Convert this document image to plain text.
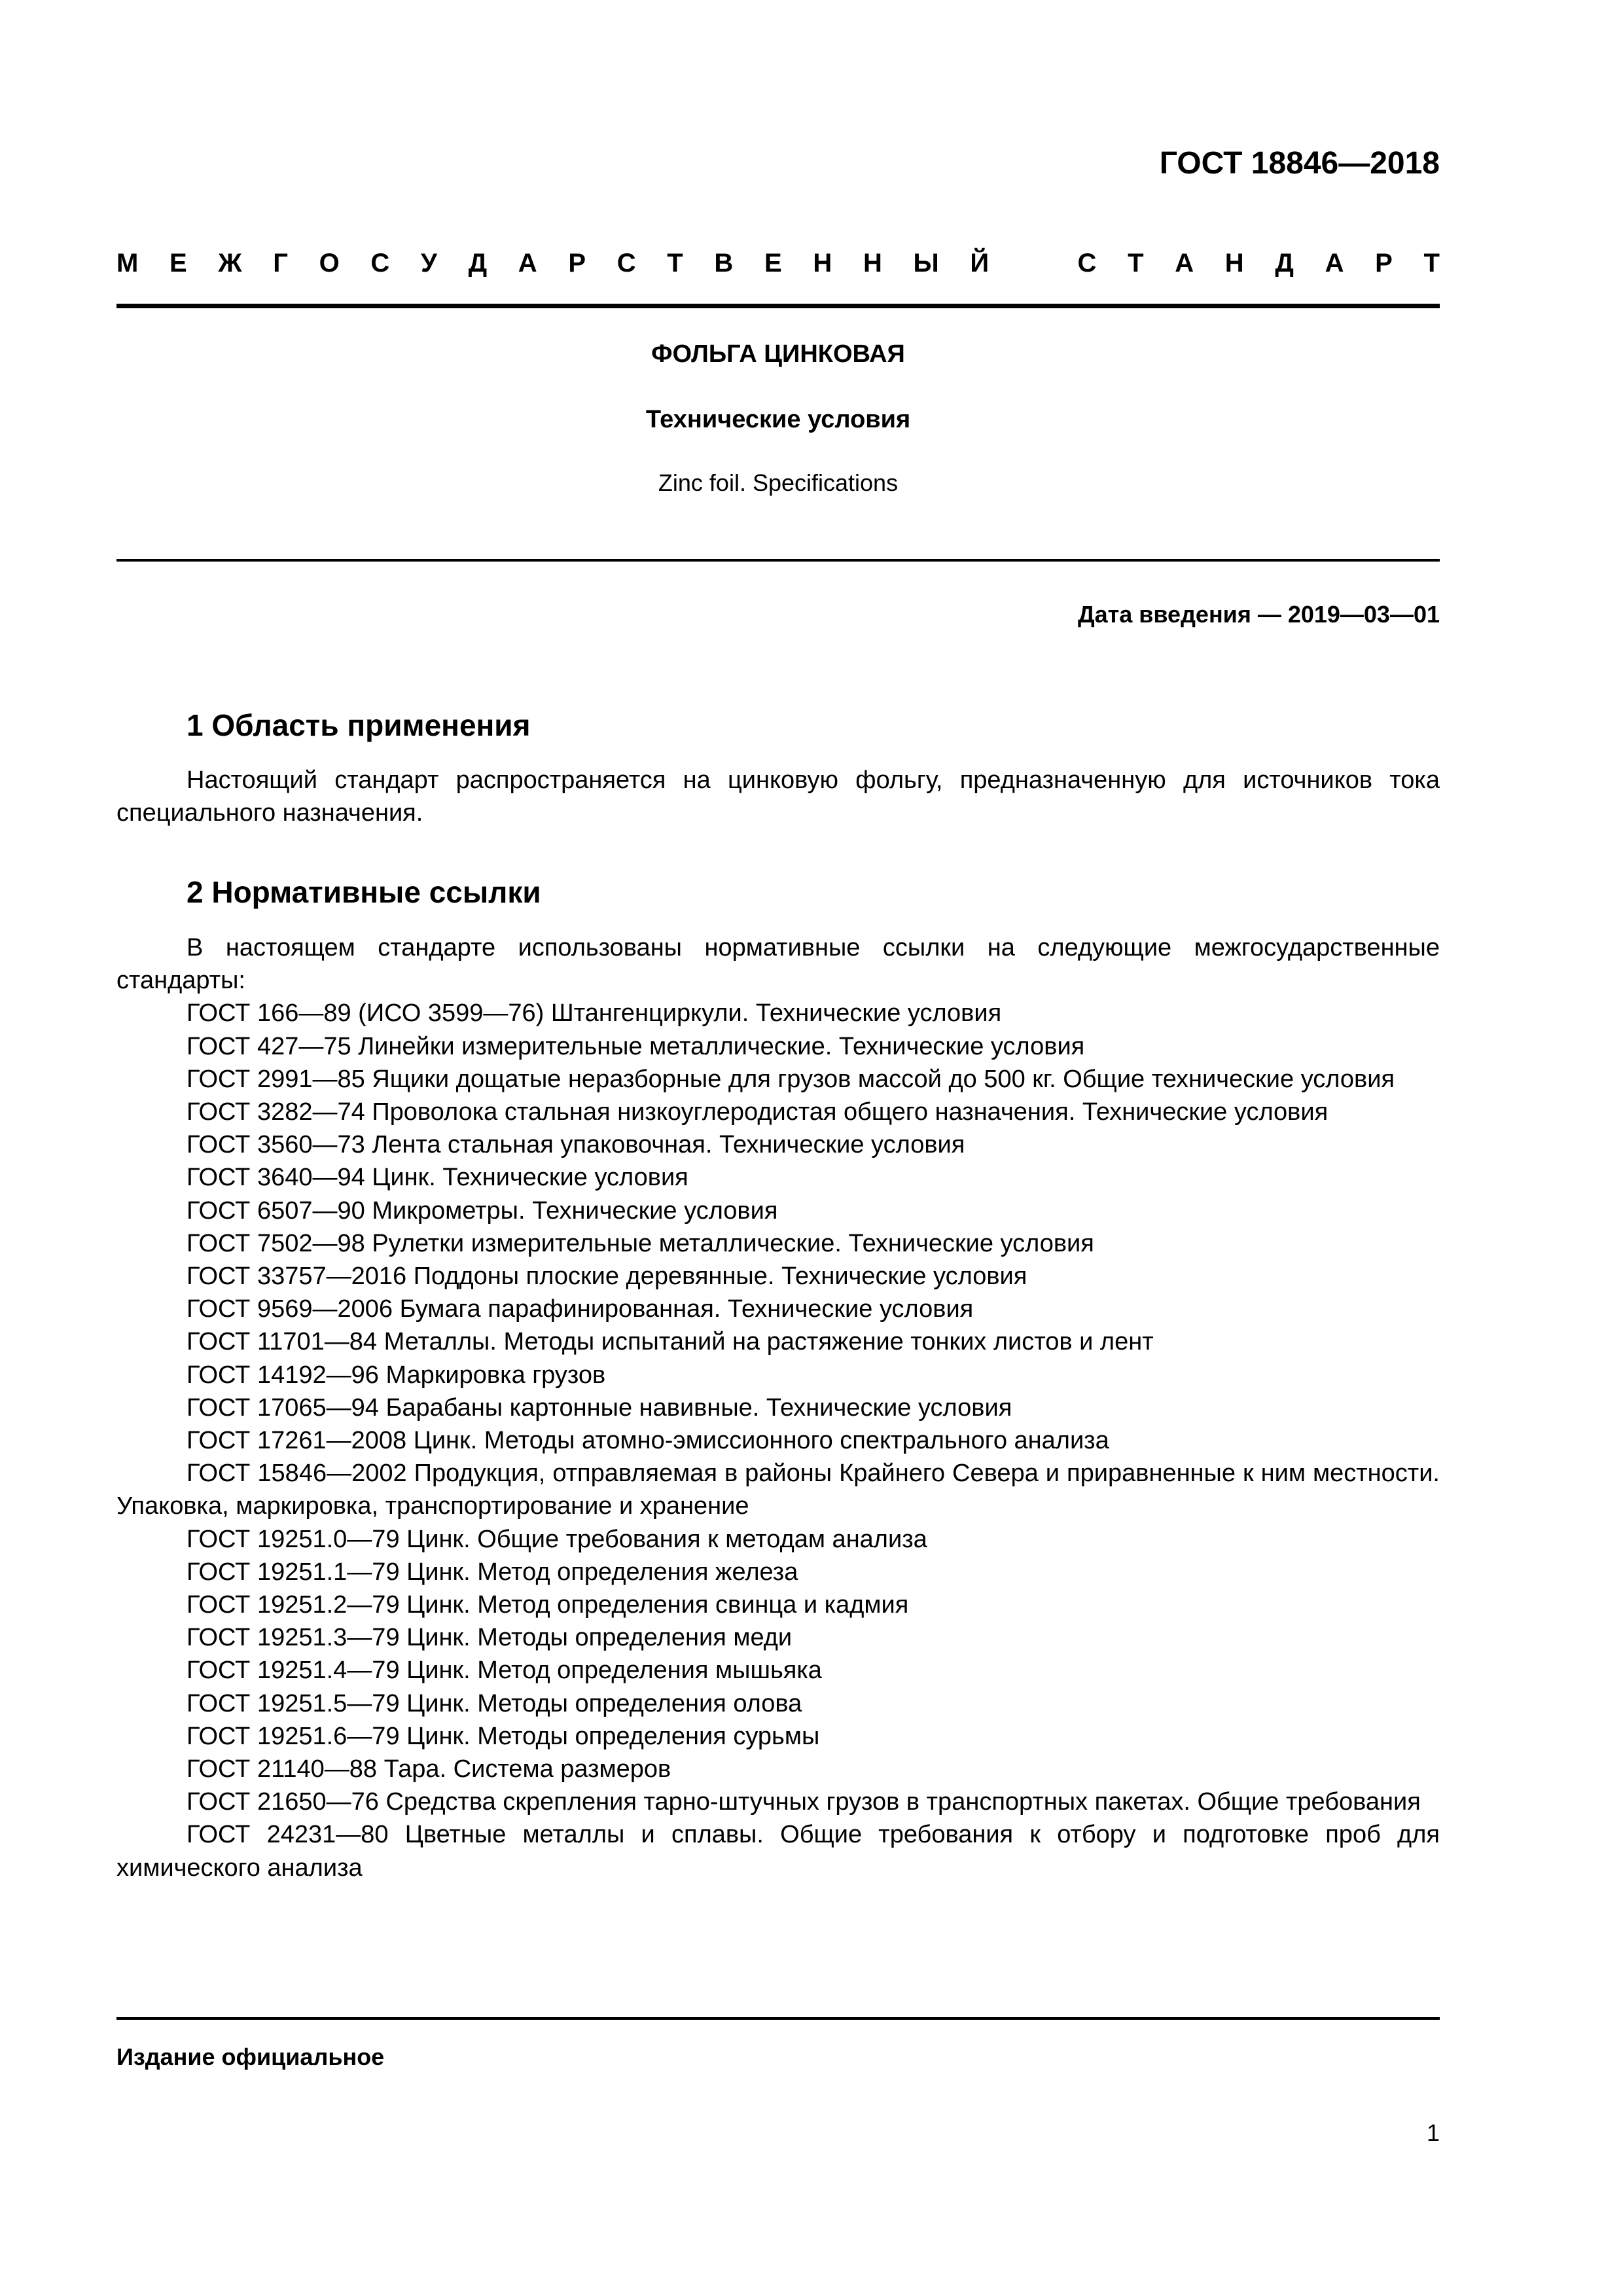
ГОСТ 18846—2018
М Е Ж Г О С У Д А Р С Т В Е Н Н Ы Й	С Т А Н Д А Р Т
ФОЛЬГА ЦИНКОВАЯ
Технические условия
Zinc foil. Specifications
Дата введения — 2019—03—01
1 Область применения

Настоящий стандарт распространяется на цинковую фольгу, предназначенную для источников тока специального назначения.

2 Нормативные ссылки

В настоящем стандарте использованы нормативные ссылки на следующие межгосударственные стандарты:

ГОСТ 166—89 (ИСО 3599—76) Штангенциркули. Технические условия
ГОСТ 427—75 Линейки измерительные металлические. Технические условия
ГОСТ 2991—85 Ящики дощатые неразборные для грузов массой до 500 кг. Общие технические условия
ГОСТ 3282—74 Проволока стальная низкоуглеродистая общего назначения. Технические условия
ГОСТ 3560—73 Лента стальная упаковочная. Технические условия
ГОСТ 3640—94 Цинк. Технические условия
ГОСТ 6507—90 Микрометры. Технические условия
ГОСТ 7502—98 Рулетки измерительные металлические. Технические условия
ГОСТ 33757—2016 Поддоны плоские деревянные. Технические условия
ГОСТ 9569—2006 Бумага парафинированная. Технические условия
ГОСТ 11701—84 Металлы. Методы испытаний на растяжение тонких листов и лент
ГОСТ 14192—96 Маркировка грузов
ГОСТ 17065—94 Барабаны картонные навивные. Технические условия
ГОСТ 17261—2008 Цинк. Методы атомно-эмиссионного спектрального анализа
ГОСТ 15846—2002 Продукция, отправляемая в районы Крайнего Севера и приравненные к ним местности. Упаковка, маркировка, транспортирование и хранение
ГОСТ 19251.0—79 Цинк. Общие требования к методам анализа
ГОСТ 19251.1—79 Цинк. Метод определения железа
ГОСТ 19251.2—79 Цинк. Метод определения свинца и кадмия
ГОСТ 19251.3—79 Цинк. Методы определения меди
ГОСТ 19251.4—79 Цинк. Метод определения мышьяка
ГОСТ 19251.5—79 Цинк. Методы определения олова
ГОСТ 19251.6—79 Цинк. Методы определения сурьмы
ГОСТ 21140—88 Тара. Система размеров
ГОСТ 21650—76 Средства скрепления тарно-штучных грузов в транспортных пакетах. Общие требования
ГОСТ 24231—80 Цветные металлы и сплавы. Общие требования к отбору и подготовке проб для химического анализа
Издание официальное
1
